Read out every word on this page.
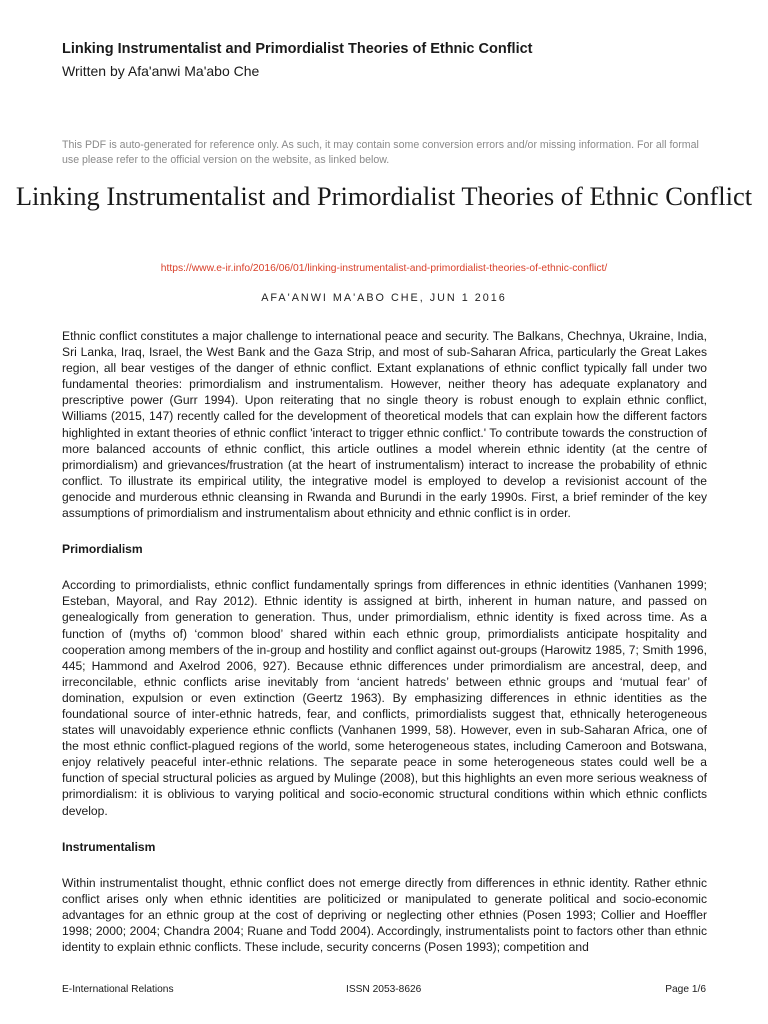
Linking Instrumentalist and Primordialist Theories of Ethnic Conflict
Written by Afa'anwi Ma'abo Che
This PDF is auto-generated for reference only. As such, it may contain some conversion errors and/or missing information. For all formal use please refer to the official version on the website, as linked below.
Linking Instrumentalist and Primordialist Theories of Ethnic Conflict
https://www.e-ir.info/2016/06/01/linking-instrumentalist-and-primordialist-theories-of-ethnic-conflict/
AFA'ANWI MA'ABO CHE, JUN 1 2016

Ethnic conflict constitutes a major challenge to international peace and security. The Balkans, Chechnya, Ukraine, India, Sri Lanka, Iraq, Israel, the West Bank and the Gaza Strip, and most of sub-Saharan Africa, particularly the Great Lakes region, all bear vestiges of the danger of ethnic conflict. Extant explanations of ethnic conflict typically fall under two fundamental theories: primordialism and instrumentalism. However, neither theory has adequate explanatory and prescriptive power (Gurr 1994). Upon reiterating that no single theory is robust enough to explain ethnic conflict, Williams (2015, 147) recently called for the development of theoretical models that can explain how the different factors highlighted in extant theories of ethnic conflict 'interact to trigger ethnic conflict.' To contribute towards the construction of more balanced accounts of ethnic conflict, this article outlines a model wherein ethnic identity (at the centre of primordialism) and grievances/frustration (at the heart of instrumentalism) interact to increase the probability of ethnic conflict. To illustrate its empirical utility, the integrative model is employed to develop a revisionist account of the genocide and murderous ethnic cleansing in Rwanda and Burundi in the early 1990s. First, a brief reminder of the key assumptions of primordialism and instrumentalism about ethnicity and ethnic conflict is in order.

Primordialism

According to primordialists, ethnic conflict fundamentally springs from differences in ethnic identities (Vanhanen 1999; Esteban, Mayoral, and Ray 2012). Ethnic identity is assigned at birth, inherent in human nature, and passed on genealogically from generation to generation. Thus, under primordialism, ethnic identity is fixed across time. As a function of (myths of) ‘common blood’ shared within each ethnic group, primordialists anticipate hospitality and cooperation among members of the in-group and hostility and conflict against out-groups (Harowitz 1985, 7; Smith 1996, 445; Hammond and Axelrod 2006, 927). Because ethnic differences under primordialism are ancestral, deep, and irreconcilable, ethnic conflicts arise inevitably from ‘ancient hatreds’ between ethnic groups and ‘mutual fear’ of domination, expulsion or even extinction (Geertz 1963). By emphasizing differences in ethnic identities as the foundational source of inter-ethnic hatreds, fear, and conflicts, primordialists suggest that, ethnically heterogeneous states will unavoidably experience ethnic conflicts (Vanhanen 1999, 58). However, even in sub-Saharan Africa, one of the most ethnic conflict-plagued regions of the world, some heterogeneous states, including Cameroon and Botswana, enjoy relatively peaceful inter-ethnic relations. The separate peace in some heterogeneous states could well be a function of special structural policies as argued by Mulinge (2008), but this highlights an even more serious weakness of primordialism: it is oblivious to varying political and socio-economic structural conditions within which ethnic conflicts develop.

Instrumentalism

Within instrumentalist thought, ethnic conflict does not emerge directly from differences in ethnic identity. Rather ethnic conflict arises only when ethnic identities are politicized or manipulated to generate political and socio-economic advantages for an ethnic group at the cost of depriving or neglecting other ethnies (Posen 1993; Collier and Hoeffler 1998; 2000; 2004; Chandra 2004; Ruane and Todd 2004). Accordingly, instrumentalists point to factors other than ethnic identity to explain ethnic conflicts. These include, security concerns (Posen 1993); competition and

E-International Relations	ISSN 2053-8626	Page 1/6
